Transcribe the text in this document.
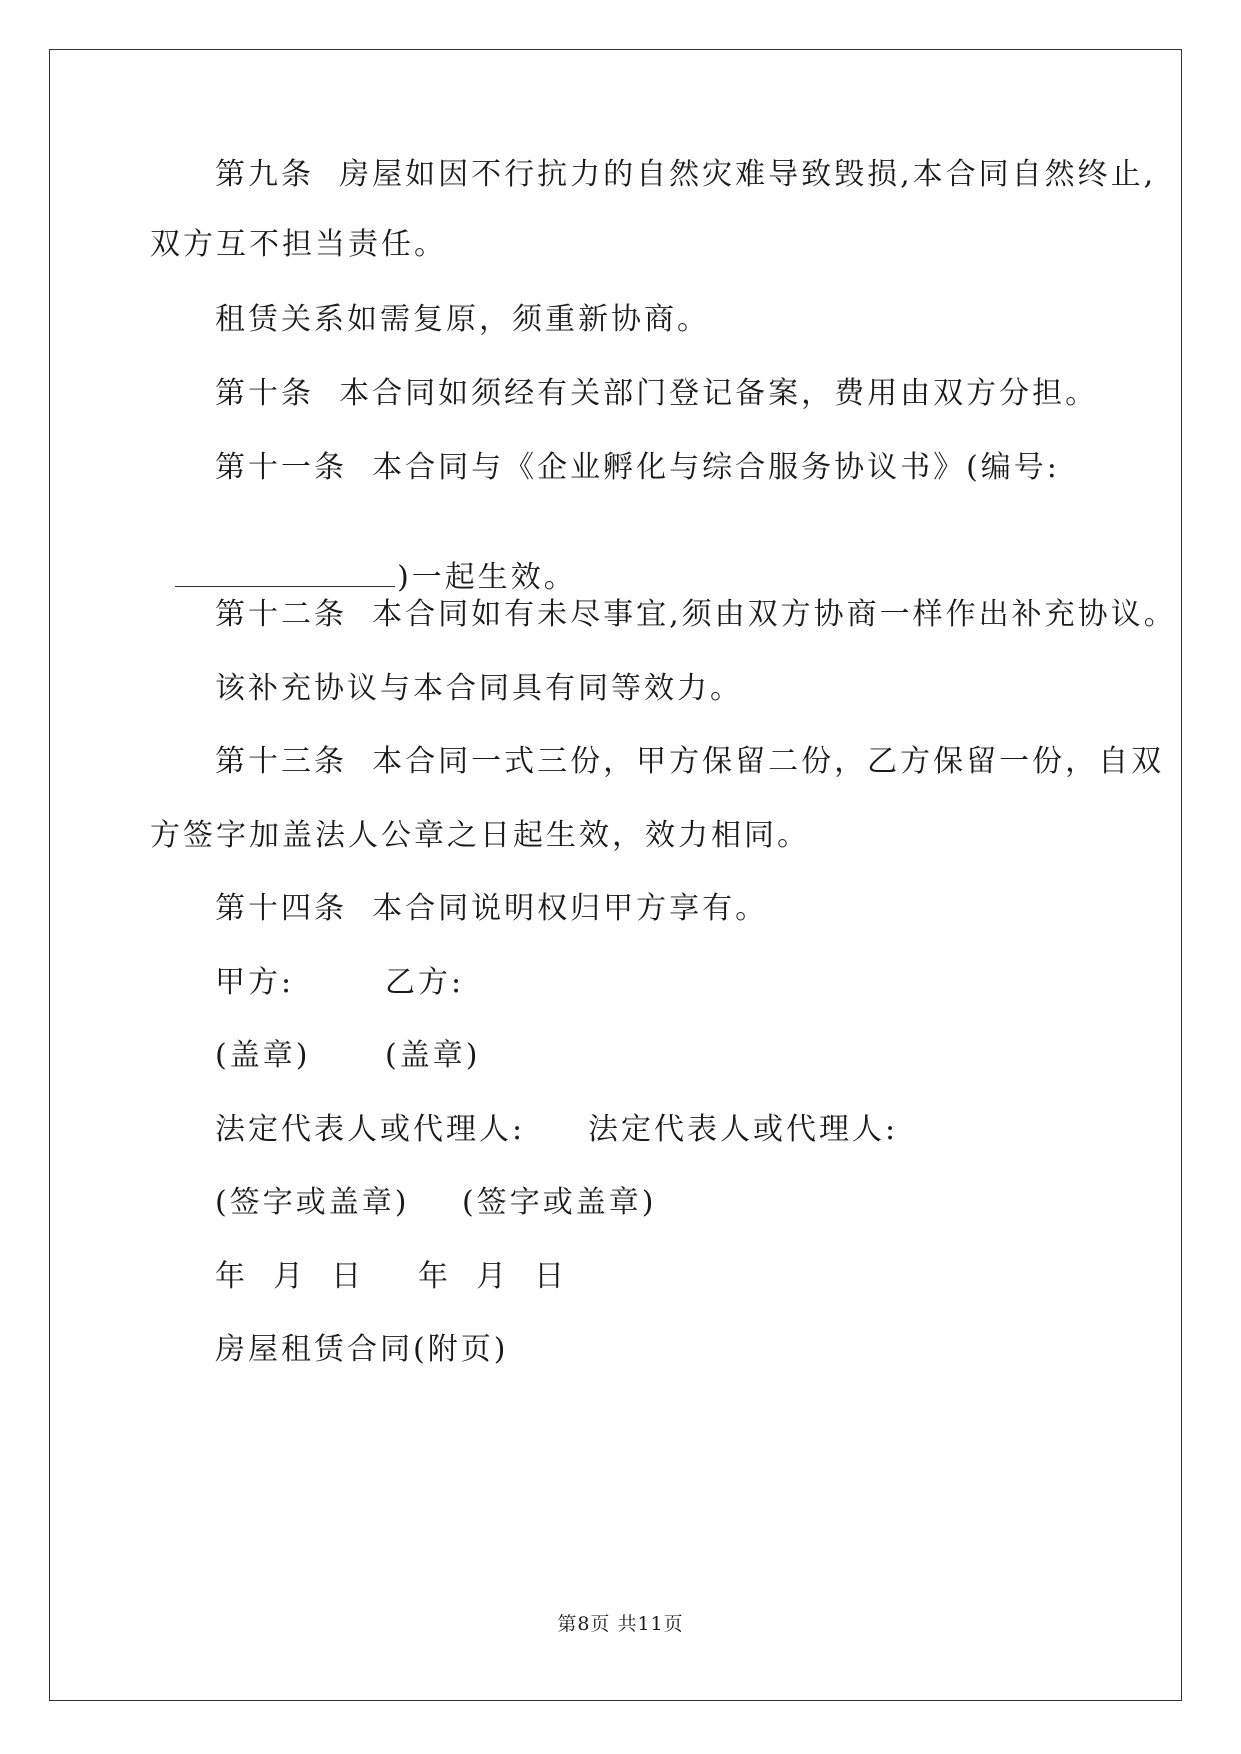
第九条  房屋如因不行抗力的自然灾难导致毁损,本合同自然终止,
双方互不担当责任。
租赁关系如需复原，须重新协商。
第十条  本合同如须经有关部门登记备案，费用由双方分担。
第十一条  本合同与《企业孵化与综合服务协议书》(编号:

)一起生效。

第十二条  本合同如有未尽事宜,须由双方协商一样作出补充协议。
该补充协议与本合同具有同等效力。
第十三条  本合同一式三份，甲方保留二份，乙方保留一份，自双
方签字加盖法人公章之日起生效，效力相同。
第十四条  本合同说明权归甲方享有。
甲方:	乙方:
(盖章) (盖章)
法定代表人或代理人: 法定代表人或代理人:
(签字或盖章) (签字或盖章)
年  月  日 年  月  日
房屋租赁合同(附页)
第8页 共11页
